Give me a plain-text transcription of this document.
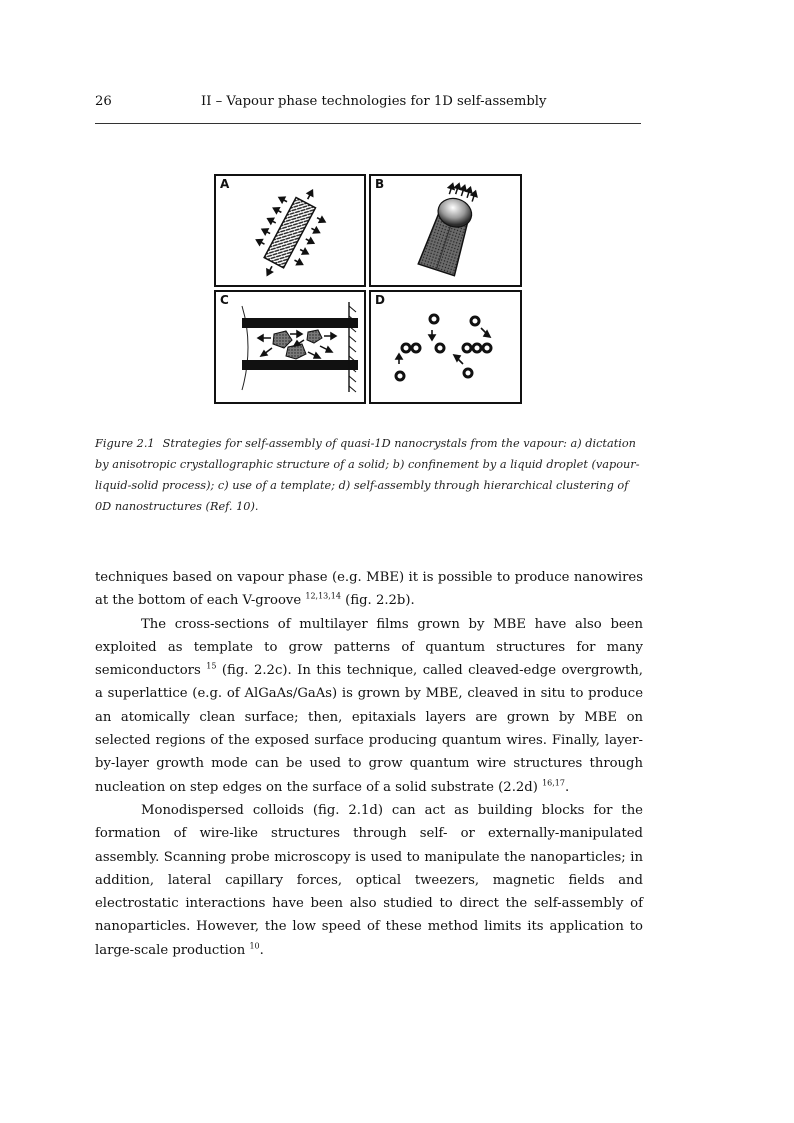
26	II – Vapour phase technologies for 1D self-assembly
A	B
C	D
Figure 2.1 Strategies for self-assembly of quasi-1D nanocrystals from the vapour: a) dictation by anisotropic crystallographic structure of a solid; b) confinement by a liquid droplet (vapour-liquid-solid process); c) use of a template; d) self-assembly through hierarchical clustering of 0D nanostructures (Ref. 10).

techniques based on vapour phase (e.g. MBE) it is possible to produce nanowires at the bottom of each V-groove $^{12,13,14}$ (fig. 2.2b).

The cross-sections of multilayer films grown by MBE have also been exploited as template to grow patterns of quantum structures for many semiconductors $^{15}$ (fig. 2.2c). In this technique, called cleaved-edge overgrowth, a superlattice (e.g. of AlGaAs/GaAs) is grown by MBE, cleaved in situ to produce an atomically clean surface; then, epitaxials layers are grown by MBE on selected regions of the exposed surface producing quantum wires. Finally, layer-by-layer growth mode can be used to grow quantum wire structures through nucleation on step edges on the surface of a solid substrate (2.2d) $^{16,17}$.

Monodispersed colloids (fig. 2.1d) can act as building blocks for the formation of wire-like structures through self- or externally-manipulated assembly. Scanning probe microscopy is used to manipulate the nanoparticles; in addition, lateral capillary forces, optical tweezers, magnetic fields and electrostatic interactions have been also studied to direct the self-assembly of nanoparticles. However, the low speed of these method limits its application to large-scale production $^{10}$.
